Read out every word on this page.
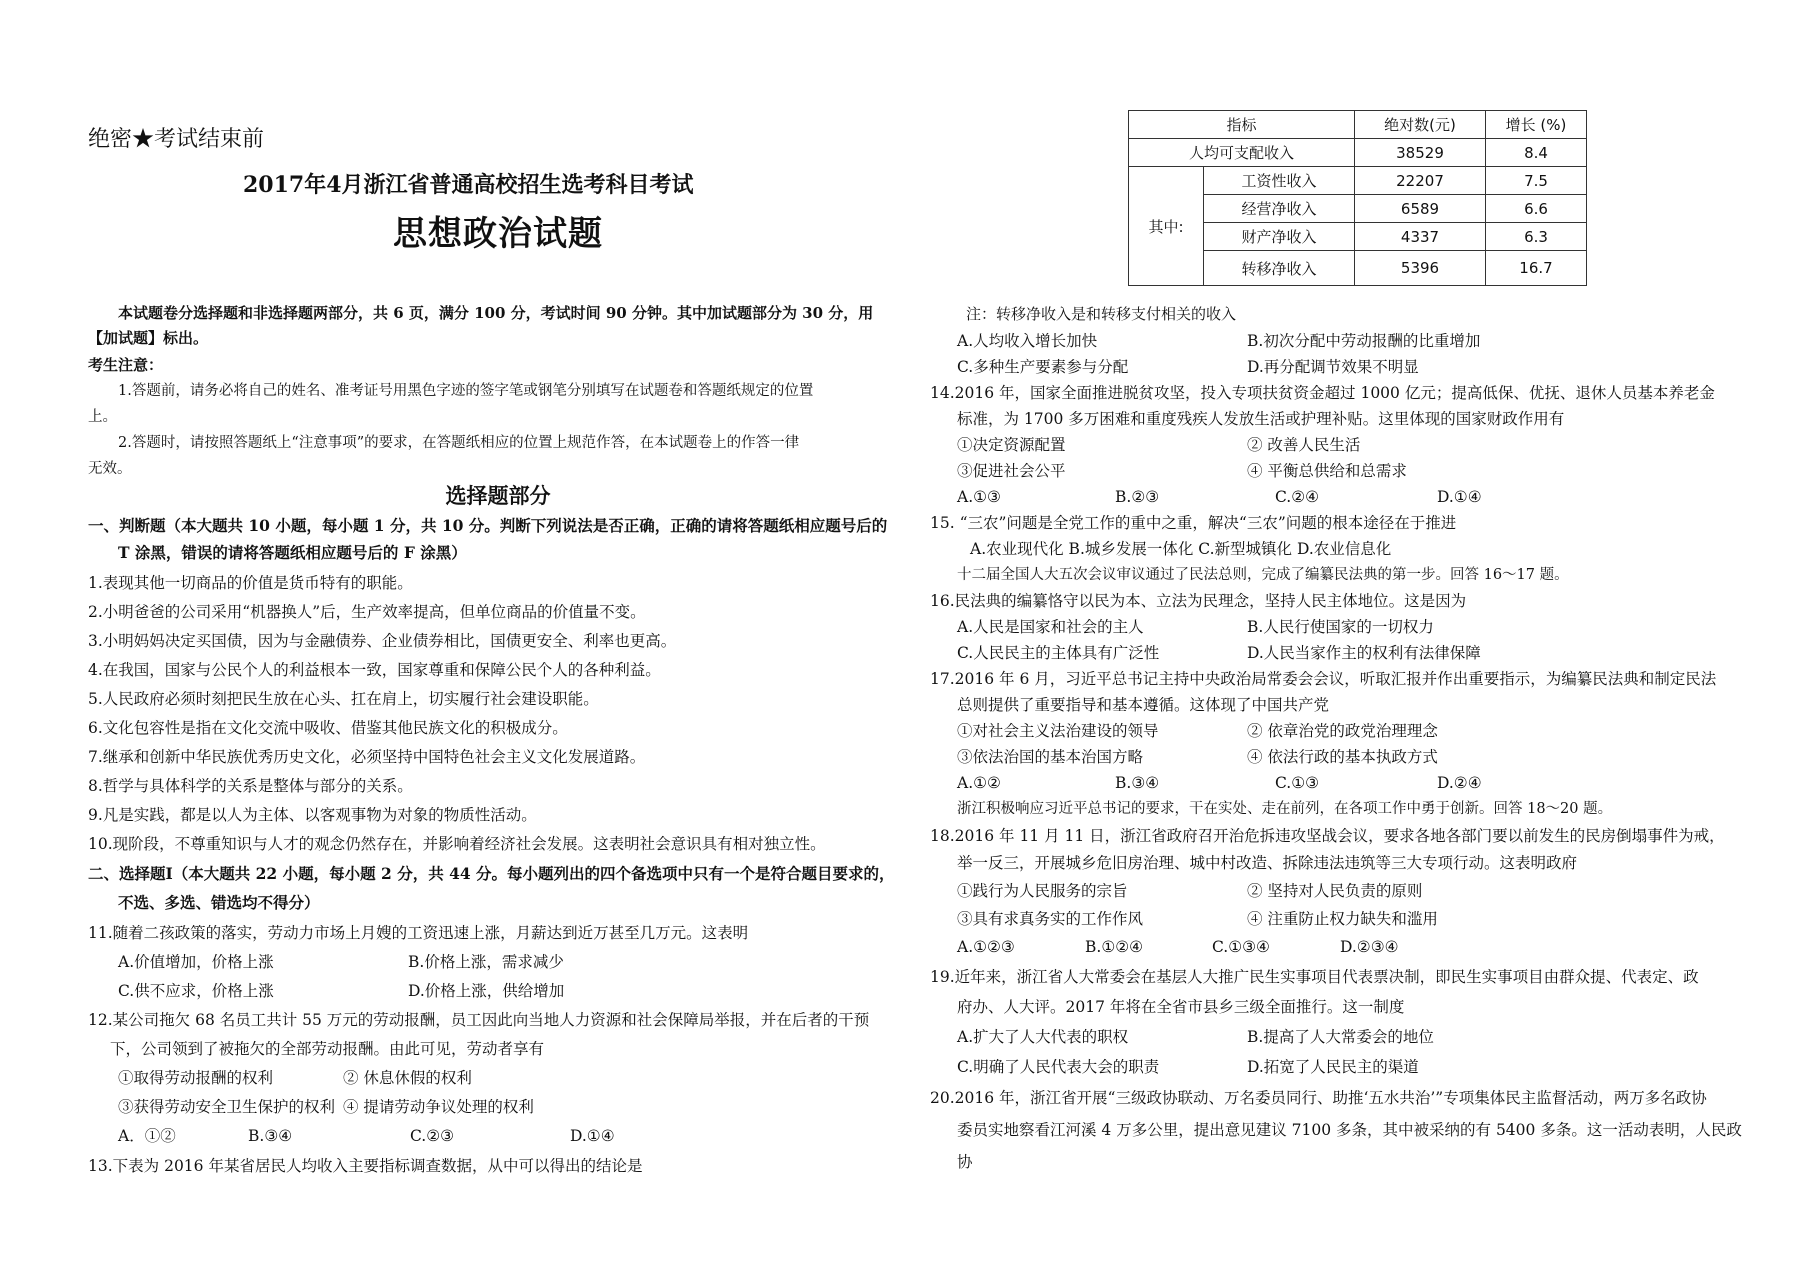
绝密★考试结束前
2017年4月浙江省普通高校招生选考科目考试
思想政治试题
本试题卷分选择题和非选择题两部分，共 6 页，满分 100 分，考试时间 90 分钟。其中加试题部分为 30 分，用
【加试题】标出。
考生注意：
1.答题前，请务必将自己的姓名、准考证号用黑色字迹的签字笔或钢笔分别填写在试题卷和答题纸规定的位置
上。
2.答题时，请按照答题纸上“注意事项”的要求，在答题纸相应的位置上规范作答，在本试题卷上的作答一律
无效。
选择题部分
一、判断题（本大题共 10 小题，每小题 1 分，共 10 分。判断下列说法是否正确，正确的请将答题纸相应题号后的
T 涂黑，错误的请将答题纸相应题号后的 F 涂黑）
1.表现其他一切商品的价值是货币特有的职能。
2.小明爸爸的公司采用“机器换人”后，生产效率提高，但单位商品的价值量不变。
3.小明妈妈决定买国债，因为与金融债券、企业债券相比，国债更安全、利率也更高。
4.在我国，国家与公民个人的利益根本一致，国家尊重和保障公民个人的各种利益。
5.人民政府必须时刻把民生放在心头、扛在肩上，切实履行社会建设职能。
6.文化包容性是指在文化交流中吸收、借鉴其他民族文化的积极成分。
7.继承和创新中华民族优秀历史文化，必须坚持中国特色社会主义文化发展道路。
8.哲学与具体科学的关系是整体与部分的关系。
9.凡是实践，都是以人为主体、以客观事物为对象的物质性活动。
10.现阶段，不尊重知识与人才的观念仍然存在，并影响着经济社会发展。这表明社会意识具有相对独立性。
二、选择题Ⅰ（本大题共 22 小题，每小题 2 分，共 44 分。每小题列出的四个备选项中只有一个是符合题目要求的，
不选、多选、错选均不得分）
11.随着二孩政策的落实，劳动力市场上月嫂的工资迅速上涨，月薪达到近万甚至几万元。这表明
A.价值增加，价格上涨	B.价格上涨，需求减少
C.供不应求，价格上涨	D.价格上涨，供给增加
12.某公司拖欠 68 名员工共计 55 万元的劳动报酬，员工因此向当地人力资源和社会保障局举报，并在后者的干预
下，公司领到了被拖欠的全部劳动报酬。由此可见，劳动者享有
①取得劳动报酬的权利	② 休息休假的权利
③获得劳动安全卫生保护的权利 ④ 提请劳动争议处理的权利
A．①②	B.③④	C.②③	D.①④
13.下表为 2016 年某省居民人均收入主要指标调查数据，从中可以得出的结论是
指标		绝对数(元)	增长 (%)
人均可支配收入		38529	8.4
其中:	工资性收入	22207	7.5
	经营净收入	6589	6.6
	财产净收入	4337	6.3
	转移净收入	5396	16.7
注：转移净收入是和转移支付相关的收入
A.人均收入增长加快	B.初次分配中劳动报酬的比重增加
C.多种生产要素参与分配	D.再分配调节效果不明显
14.2016 年，国家全面推进脱贫攻坚，投入专项扶贫资金超过 1000 亿元；提高低保、优抚、退休人员基本养老金
标准，为 1700 多万困难和重度残疾人发放生活或护理补贴。这里体现的国家财政作用有
①决定资源配置	② 改善人民生活
③促进社会公平	④ 平衡总供给和总需求
A.①③	B.②③	C.②④	D.①④
15. “三农”问题是全党工作的重中之重，解决“三农”问题的根本途径在于推进
A.农业现代化 B.城乡发展一体化 C.新型城镇化 D.农业信息化
十二届全国人大五次会议审议通过了民法总则，完成了编纂民法典的第一步。回答 16～17 题。
16.民法典的编纂恪守以民为本、立法为民理念，坚持人民主体地位。这是因为
A.人民是国家和社会的主人	B.人民行使国家的一切权力
C.人民民主的主体具有广泛性	D.人民当家作主的权利有法律保障
17.2016 年 6 月，习近平总书记主持中央政治局常委会会议，听取汇报并作出重要指示，为编纂民法典和制定民法
总则提供了重要指导和基本遵循。这体现了中国共产党
①对社会主义法治建设的领导	② 依章治党的政党治理理念
③依法治国的基本治国方略	④ 依法行政的基本执政方式
A.①②	B.③④	C.①③	D.②④
浙江积极响应习近平总书记的要求，干在实处、走在前列，在各项工作中勇于创新。回答 18～20 题。
18.2016 年 11 月 11 日，浙江省政府召开治危拆违攻坚战会议，要求各地各部门要以前发生的民房倒塌事件为戒，
举一反三，开展城乡危旧房治理、城中村改造、拆除违法违筑等三大专项行动。这表明政府
①践行为人民服务的宗旨	② 坚持对人民负责的原则
③具有求真务实的工作作风	④ 注重防止权力缺失和滥用
A.①②③	B.①②④	C.①③④	D.②③④
19.近年来，浙江省人大常委会在基层人大推广民生实事项目代表票决制，即民生实事项目由群众提、代表定、政
府办、人大评。2017 年将在全省市县乡三级全面推行。这一制度
A.扩大了人大代表的职权	B.提高了人大常委会的地位
C.明确了人民代表大会的职责	D.拓宽了人民民主的渠道
20.2016 年，浙江省开展“三级政协联动、万名委员同行、助推‘五水共治’”专项集体民主监督活动，两万多名政协
委员实地察看江河溪 4 万多公里，提出意见建议 7100 多条，其中被采纳的有 5400 多条。这一活动表明，人民政
协
